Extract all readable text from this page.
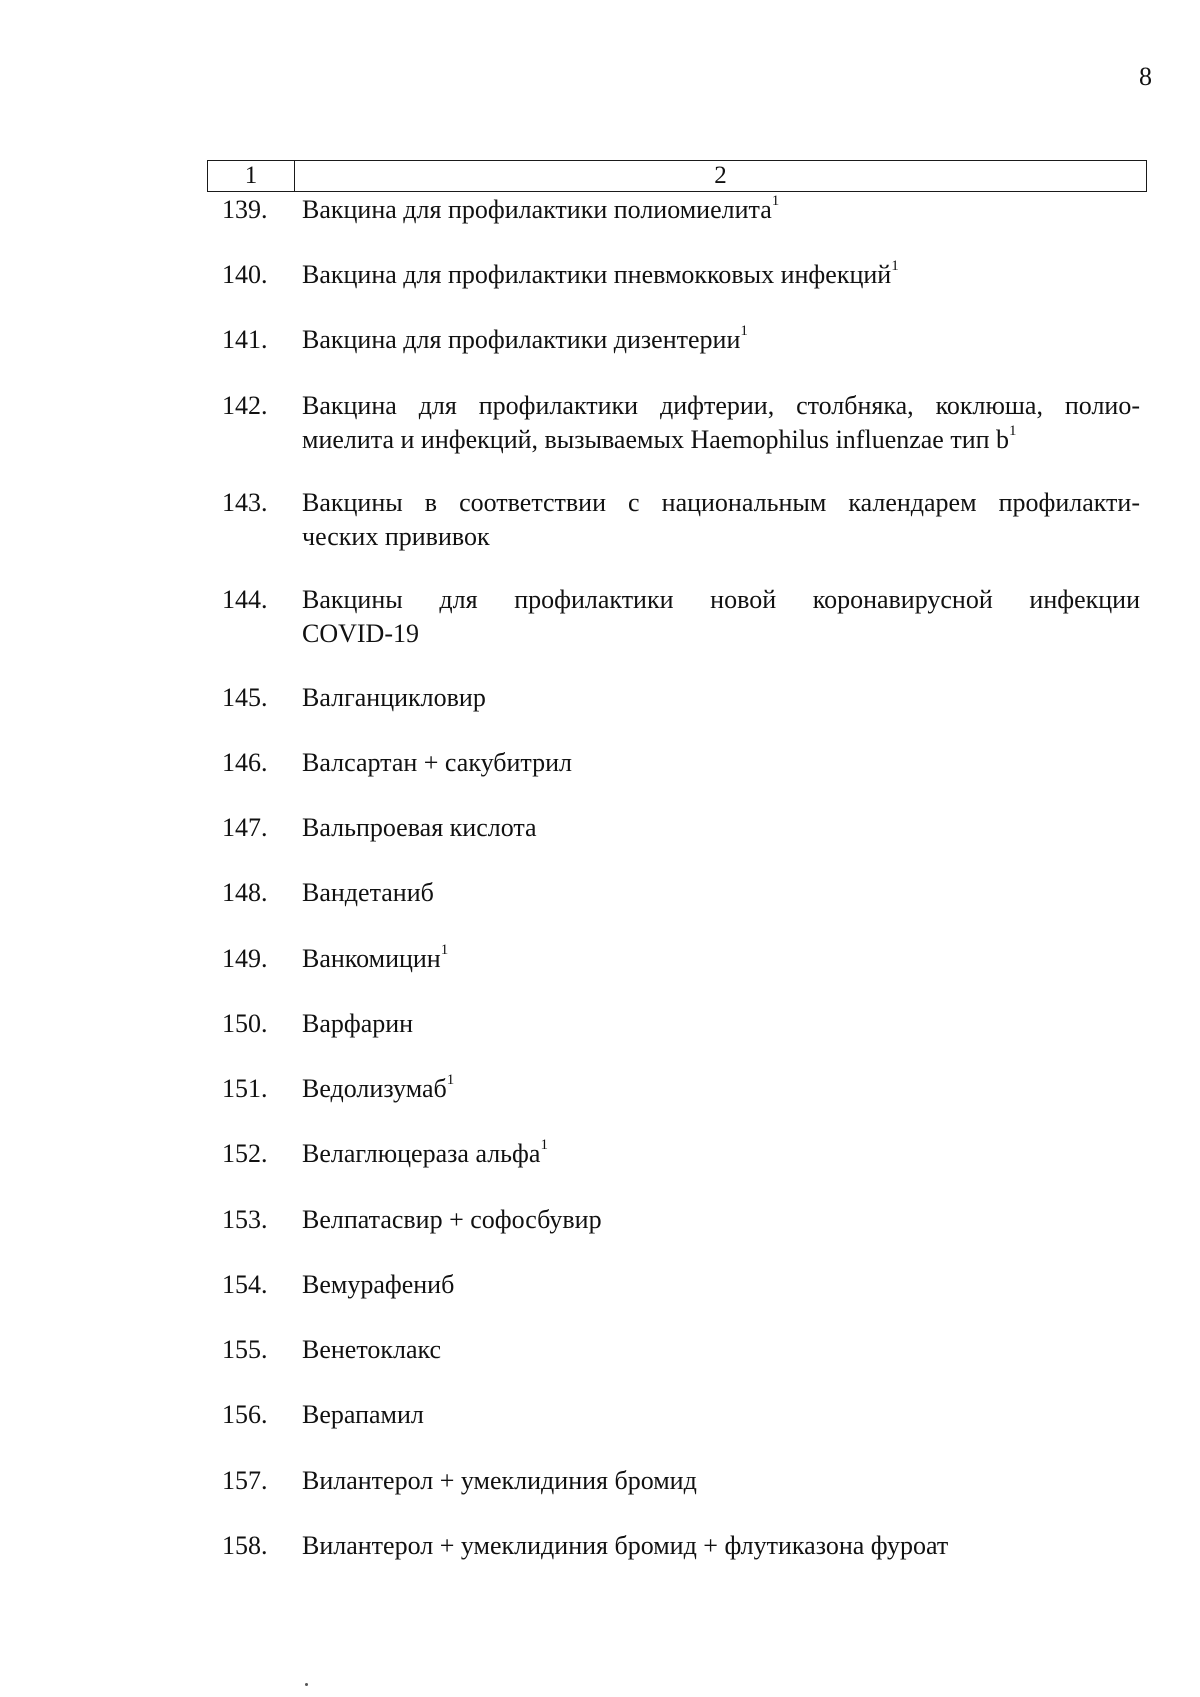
8
1	2
139.	Вакцина для профилактики полиомиелита$^1$
140.	Вакцина для профилактики пневмокковых инфекций$^1$
141.	Вакцина для профилактики дизентерии$^1$
142.	Вакцина для профилактики дифтерии, столбняка, коклюша, полио-
миелита и инфекций, вызываемых Haemophilus influenzae тип b$^1$
143.	Вакцины в соответствии с национальным календарем профилакти-
ческих прививок
144.	Вакцины для профилактики новой коронавирусной инфекции
COVID-19
145.	Валганцикловир
146.	Валсартан + сакубитрил
147.	Вальпроевая кислота
148.	Вандетаниб
149.	Ванкомицин$^1$
150.	Варфарин
151.	Ведолизумаб$^1$
152.	Велаглюцераза альфа$^1$
153.	Велпатасвир + софосбувир
154.	Вемурафениб
155.	Венетоклакс
156.	Верапамил
157.	Вилантерол + умеклидиния бромид
158.	Вилантерол + умеклидиния бромид + флутиказона фуроат
